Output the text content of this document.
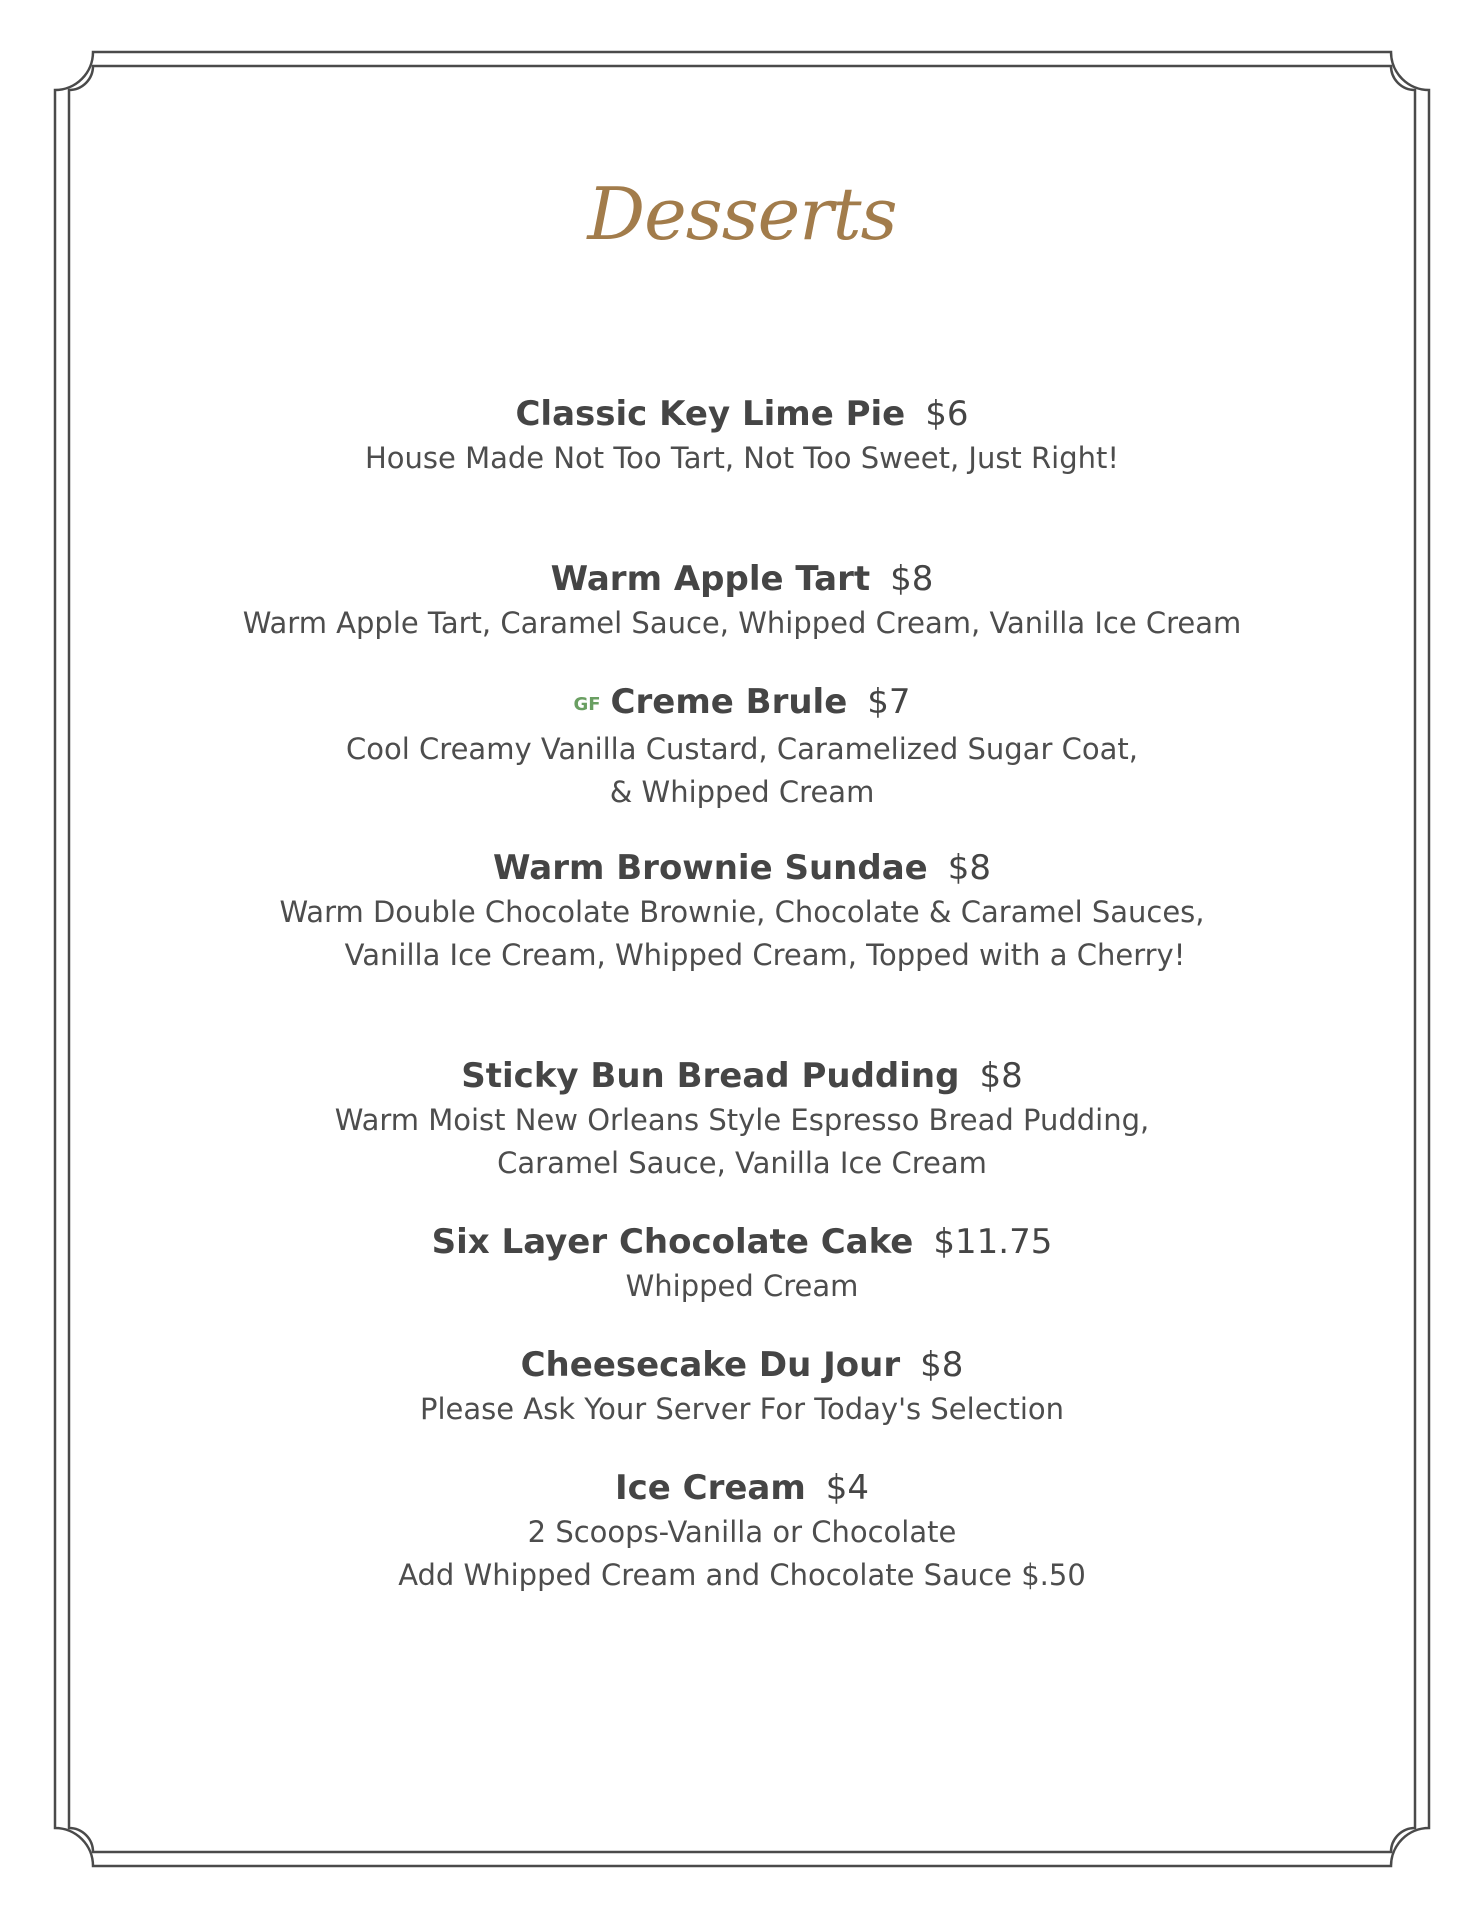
Desserts
Classic Key Lime Pie $6
House Made Not Too Tart, Not Too Sweet, Just Right!
Warm Apple Tart $8
Warm Apple Tart, Caramel Sauce, Whipped Cream, Vanilla Ice Cream
GF Creme Brule $7
Cool Creamy Vanilla Custard, Caramelized Sugar Coat,
& Whipped Cream
Warm Brownie Sundae $8
Warm Double Chocolate Brownie, Chocolate & Caramel Sauces,
Vanilla Ice Cream, Whipped Cream, Topped with a Cherry!
Sticky Bun Bread Pudding $8
Warm Moist New Orleans Style Espresso Bread Pudding,
Caramel Sauce, Vanilla Ice Cream
Six Layer Chocolate Cake $11.75
Whipped Cream
Cheesecake Du Jour $8
Please Ask Your Server For Today's Selection
Ice Cream $4
2 Scoops-Vanilla or Chocolate
Add Whipped Cream and Chocolate Sauce $.50
